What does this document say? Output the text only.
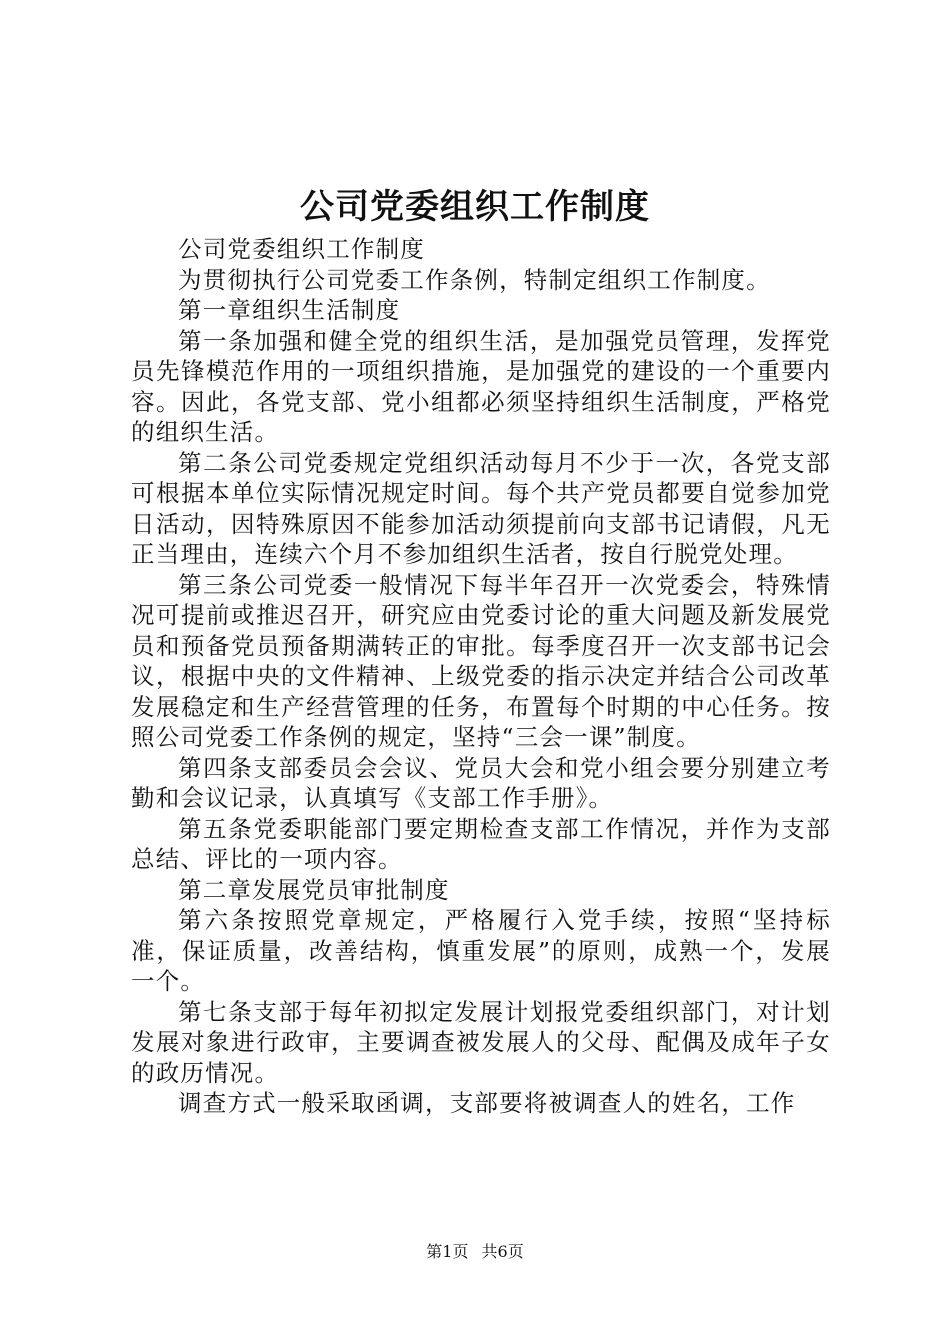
公司党委组织工作制度

公司党委组织工作制度

为贯彻执行公司党委工作条例，特制定组织工作制度。

第一章组织生活制度

第一条加强和健全党的组织生活，是加强党员管理，发挥党员先锋模范作用的一项组织措施，是加强党的建设的一个重要内容。因此，各党支部、党小组都必须坚持组织生活制度，严格党的组织生活。

第二条公司党委规定党组织活动每月不少于一次，各党支部可根据本单位实际情况规定时间。每个共产党员都要自觉参加党日活动，因特殊原因不能参加活动须提前向支部书记请假，凡无正当理由，连续六个月不参加组织生活者，按自行脱党处理。

第三条公司党委一般情况下每半年召开一次党委会，特殊情况可提前或推迟召开，研究应由党委讨论的重大问题及新发展党员和预备党员预备期满转正的审批。每季度召开一次支部书记会议，根据中央的文件精神、上级党委的指示决定并结合公司改革发展稳定和生产经营管理的任务，布置每个时期的中心任务。按照公司党委工作条例的规定，坚持“三会一课”制度。

第四条支部委员会会议、党员大会和党小组会要分别建立考勤和会议记录，认真填写《支部工作手册》。

第五条党委职能部门要定期检查支部工作情况，并作为支部总结、评比的一项内容。

第二章发展党员审批制度

第六条按照党章规定，严格履行入党手续，按照“坚持标准，保证质量，改善结构，慎重发展”的原则，成熟一个，发展一个。

第七条支部于每年初拟定发展计划报党委组织部门，对计划发展对象进行政审，主要调查被发展人的父母、配偶及成年子女的政历情况。

调查方式一般采取函调，支部要将被调查人的姓名，工作

第1页 共6页
